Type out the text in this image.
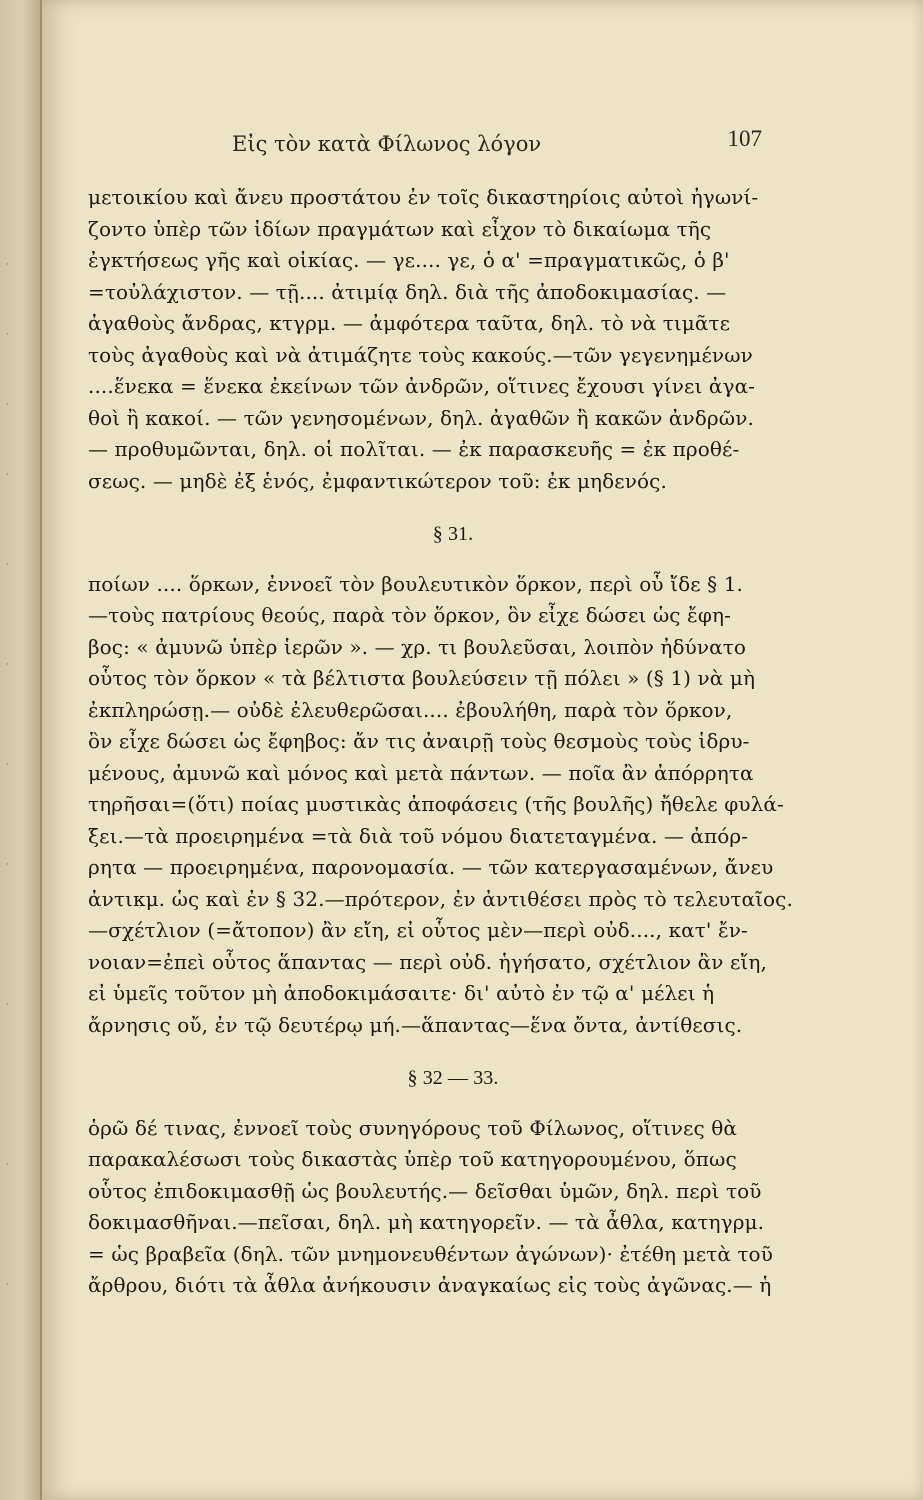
·
·
·
·
·
·
·
·
·
·
·
Εἰς τὸν κατὰ Φίλωνος λόγον	107
μετοικίου καὶ ἄνευ προστάτου ἐν τοῖς δικαστηρίοις αὐτοὶ ἠγωνί-
ζοντο ὑπὲρ τῶν ἰδίων πραγμάτων καὶ εἶχον τὸ δικαίωμα τῆς
ἐγκτήσεως γῆς καὶ οἰκίας. — γε.... γε, ὁ α' =πραγματικῶς, ὁ β'
=τοὐλάχιστον. — τῇ.... ἀτιμίᾳ δηλ. διὰ τῆς ἀποδοκιμασίας. —
ἀγαθοὺς ἄνδρας, κτγρμ. — ἀμφότερα ταῦτα, δηλ. τὸ νὰ τιμᾶτε
τοὺς ἀγαθοὺς καὶ νὰ ἀτιμάζητε τοὺς κακούς.—τῶν γεγενημένων
....ἕνεκα = ἕνεκα ἐκείνων τῶν ἀνδρῶν, οἵτινες ἔχουσι γίνει ἀγα-
θοὶ ἢ κακοί. — τῶν γενησομένων, δηλ. ἀγαθῶν ἢ κακῶν ἀνδρῶν.
— προθυμῶνται, δηλ. οἱ πολῖται. — ἐκ παρασκευῆς = ἐκ προθέ-
σεως. — μηδὲ ἐξ ἑνός, ἐμφαντικώτερον τοῦ: ἐκ μηδενός.
§ 31.
ποίων .... ὅρκων, ἐννοεῖ τὸν βουλευτικὸν ὅρκον, περὶ οὗ ἴδε § 1.
—τοὺς πατρίους θεούς, παρὰ τὸν ὅρκον, ὃν εἶχε δώσει ὡς ἔφη-
βος: « ἀμυνῶ ὑπὲρ ἱερῶν ». — χρ. τι βουλεῦσαι, λοιπὸν ἠδύνατο
οὗτος τὸν ὅρκον « τὰ βέλτιστα βουλεύσειν τῇ πόλει » (§ 1) νὰ μὴ
ἐκπληρώσῃ.— οὐδὲ ἐλευθερῶσαι.... ἐβουλήθη, παρὰ τὸν ὅρκον,
ὃν εἶχε δώσει ὡς ἔφηβος: ἄν τις ἀναιρῇ τοὺς θεσμοὺς τοὺς ἱδρυ-
μένους, ἀμυνῶ καὶ μόνος καὶ μετὰ πάντων. — ποῖα ἂν ἀπόρρητα
τηρῆσαι=(ὅτι) ποίας μυστικὰς ἀποφάσεις (τῆς βουλῆς) ἤθελε φυλά-
ξει.—τὰ προειρημένα =τὰ διὰ τοῦ νόμου διατεταγμένα. — ἀπόρ-
ρητα — προειρημένα, παρονομασία. — τῶν κατεργασαμένων, ἄνευ
ἀντικμ. ὡς καὶ ἐν § 32.—πρότερον, ἐν ἀντιθέσει πρὸς τὸ τελευταῖος.
—σχέτλιον (=ἄτοπον) ἂν εἴη, εἰ οὗτος μὲν—περὶ οὐδ...., κατ' ἔν-
νοιαν=ἐπεὶ οὗτος ἅπαντας — περὶ οὐδ. ἡγήσατο, σχέτλιον ἂν εἴη,
εἰ ὑμεῖς τοῦτον μὴ ἀποδοκιμάσαιτε· δι' αὐτὸ ἐν τῷ α' μέλει ἡ
ἄρνησις οὔ, ἐν τῷ δευτέρῳ μή.—ἅπαντας—ἕνα ὄντα, ἀντίθεσις.
§ 32 — 33.
ὁρῶ δέ τινας, ἐννοεῖ τοὺς συνηγόρους τοῦ Φίλωνος, οἵτινες θὰ
παρακαλέσωσι τοὺς δικαστὰς ὑπὲρ τοῦ κατηγορουμένου, ὅπως
οὗτος ἐπιδοκιμασθῇ ὡς βουλευτής.— δεῖσθαι ὑμῶν, δηλ. περὶ τοῦ
δοκιμασθῆναι.—πεῖσαι, δηλ. μὴ κατηγορεῖν. — τὰ ἆθλα, κατηγρμ.
= ὡς βραβεῖα (δηλ. τῶν μνημονευθέντων ἀγώνων)· ἐτέθη μετὰ τοῦ
ἄρθρου, διότι τὰ ἆθλα ἀνήκουσιν ἀναγκαίως εἰς τοὺς ἀγῶνας.— ἡ
